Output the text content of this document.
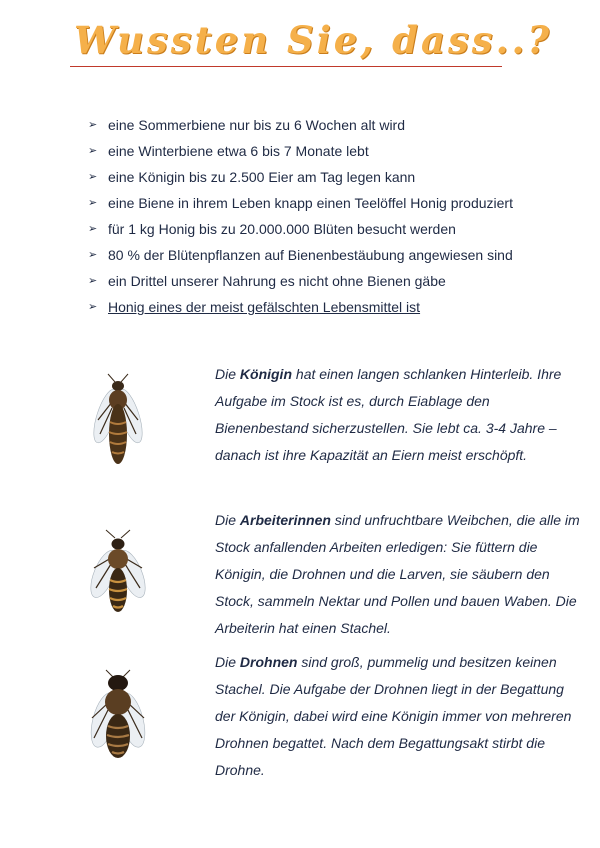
Wussten Sie, dass..?
➢ eine Sommerbiene nur bis zu 6 Wochen alt wird
➢ eine Winterbiene etwa 6 bis 7 Monate lebt
➢ eine Königin bis zu 2.500 Eier am Tag legen kann
➢ eine Biene in ihrem Leben knapp einen Teelöffel Honig produziert
➢ für 1 kg Honig bis zu 20.000.000 Blüten besucht werden
➢ 80 % der Blütenpflanzen auf Bienenbestäubung angewiesen sind
➢ ein Drittel unserer Nahrung es nicht ohne Bienen gäbe
➢ Honig eines der meist gefälschten Lebensmittel ist

Die Königin hat einen langen schlanken Hinterleib. Ihre Aufgabe im Stock ist es, durch Eiablage den Bienenbestand sicherzustellen. Sie lebt ca. 3-4 Jahre – danach ist ihre Kapazität an Eiern meist erschöpft.

Die Arbeiterinnen sind unfruchtbare Weibchen, die alle im Stock anfallenden Arbeiten erledigen: Sie füttern die Königin, die Drohnen und die Larven, sie säubern den Stock, sammeln Nektar und Pollen und bauen Waben. Die Arbeiterin hat einen Stachel.

Die Drohnen sind groß, pummelig und besitzen keinen Stachel. Die Aufgabe der Drohnen liegt in der Begattung der Königin, dabei wird eine Königin immer von mehreren Drohnen begattet. Nach dem Begattungsakt stirbt die Drohne.
